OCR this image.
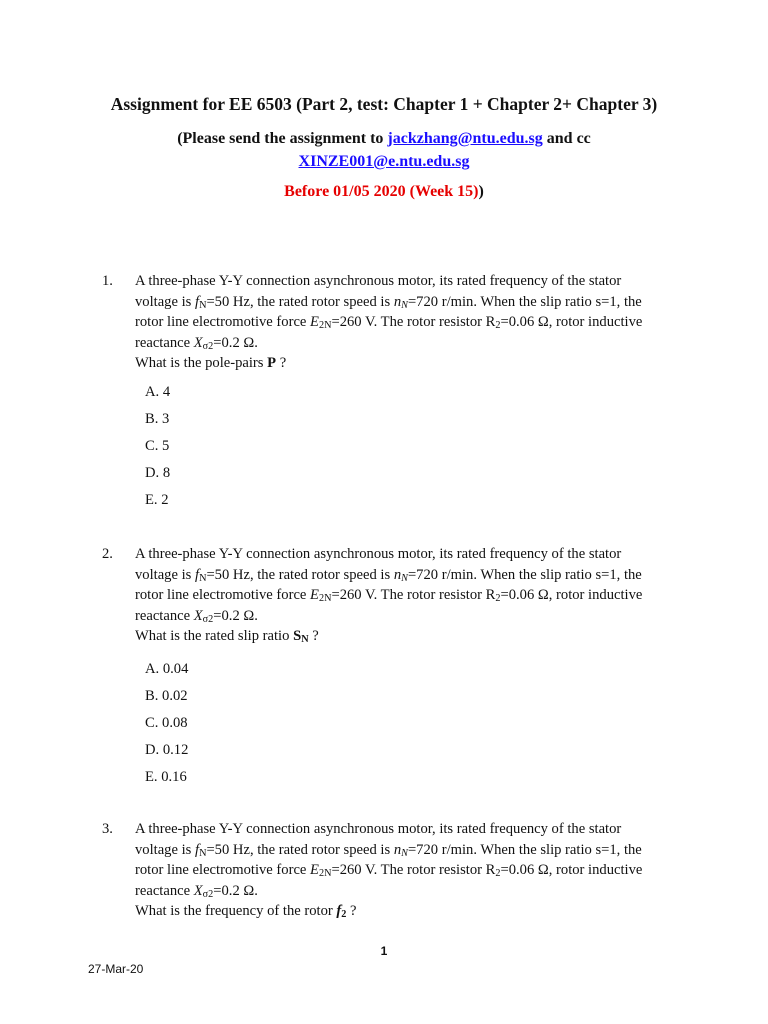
Assignment for EE 6503 (Part 2, test: Chapter 1 + Chapter 2+ Chapter 3)
(Please send the assignment to jackzhang@ntu.edu.sg and cc
XINZE001@e.ntu.edu.sg
Before 01/05 2020 (Week 15))
1. A three-phase Y-Y connection asynchronous motor, its rated frequency of the stator
voltage is $f_N=50$ Hz, the rated rotor speed is $n_N=720$ r/min. When the slip ratio s=1, the
rotor line electromotive force $E_{2N}=260$ V. The rotor resistor $R_2=0.06$ Ω, rotor inductive
reactance $X_{\sigma 2}=0.2$ Ω.
What is the pole-pairs P ?
A. 4
B. 3
C. 5
D. 8
E. 2
2. A three-phase Y-Y connection asynchronous motor, its rated frequency of the stator
voltage is $f_N=50$ Hz, the rated rotor speed is $n_N=720$ r/min. When the slip ratio s=1, the
rotor line electromotive force $E_{2N}=260$ V. The rotor resistor $R_2=0.06$ Ω, rotor inductive
reactance $X_{\sigma 2}=0.2$ Ω.
What is the rated slip ratio $S_N$ ?
A. 0.04
B. 0.02
C. 0.08
D. 0.12
E. 0.16
3. A three-phase Y-Y connection asynchronous motor, its rated frequency of the stator
voltage is $f_N=50$ Hz, the rated rotor speed is $n_N=720$ r/min. When the slip ratio s=1, the
rotor line electromotive force $E_{2N}=260$ V. The rotor resistor $R_2=0.06$ Ω, rotor inductive
reactance $X_{\sigma 2}=0.2$ Ω.
What is the frequency of the rotor $f_2$ ?
1
27-Mar-20
